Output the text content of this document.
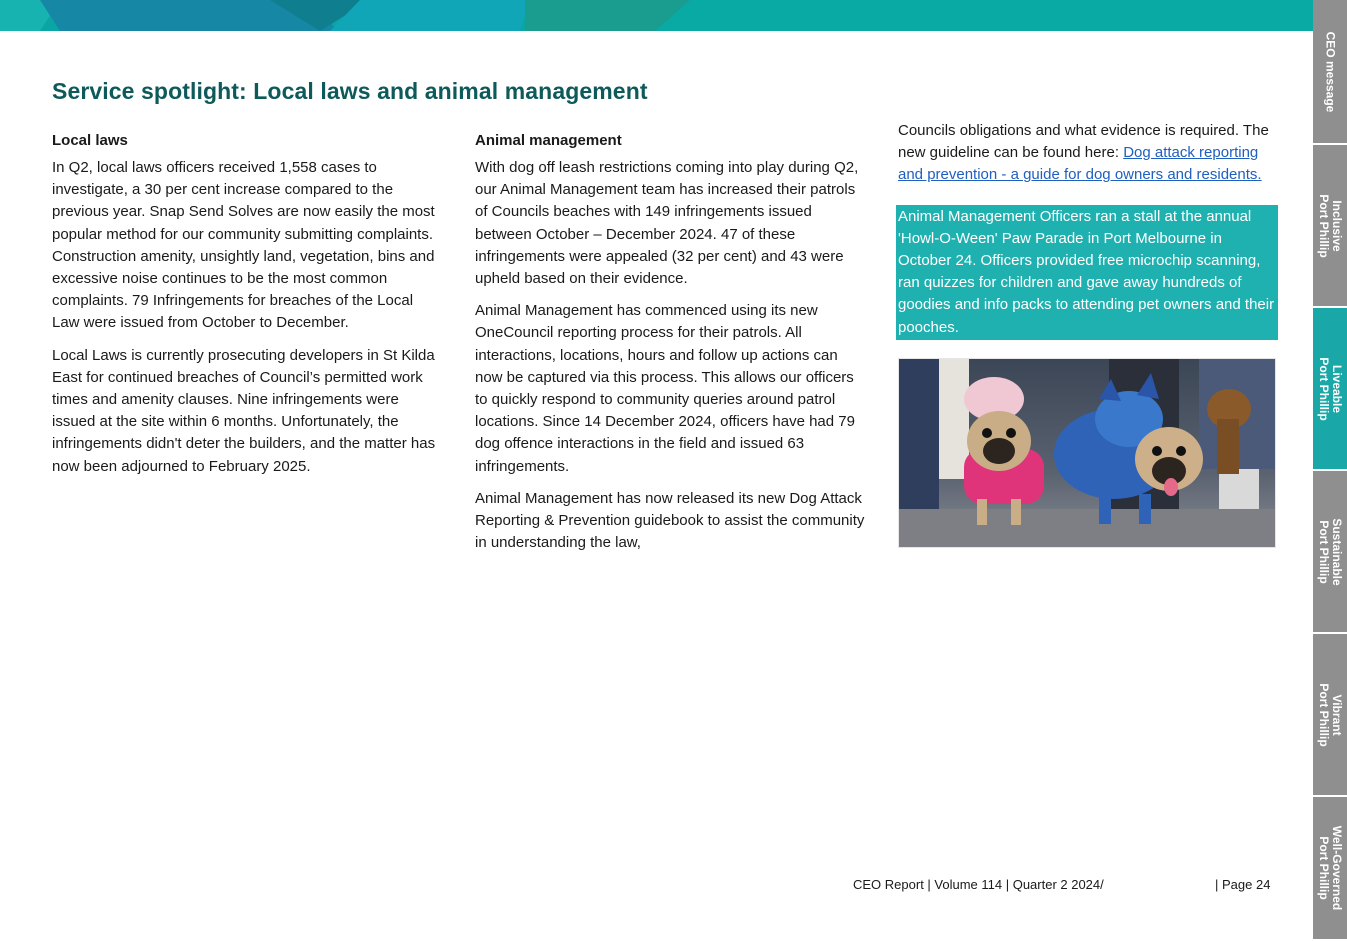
Service spotlight: Local laws and animal management
Local laws

In Q2, local laws officers received 1,558 cases to investigate, a 30 per cent increase compared to the previous year. Snap Send Solves are now easily the most popular method for our community submitting complaints. Construction amenity, unsightly land, vegetation, bins and excessive noise continues to be the most common complaints. 79 Infringements for breaches of the Local Law were issued from October to December.

Local Laws is currently prosecuting developers in St Kilda East for continued breaches of Council’s permitted work times and amenity clauses. Nine infringements were issued at the site within 6 months. Unfortunately, the infringements didn't deter the builders, and the matter has now been adjourned to February 2025.

Animal management

With dog off leash restrictions coming into play during Q2, our Animal Management team has increased their patrols of Councils beaches with 149 infringements issued between October – December 2024. 47 of these infringements were appealed (32 per cent) and 43 were upheld based on their evidence.

Animal Management has commenced using its new OneCouncil reporting process for their patrols. All interactions, locations, hours and follow up actions can now be captured via this process. This allows our officers to quickly respond to community queries around patrol locations. Since 14 December 2024, officers have had 79 dog offence interactions in the field and issued 63 infringements.

Animal Management has now released its new Dog Attack Reporting & Prevention guidebook to assist the community in understanding the law,

Councils obligations and what evidence is required. The new guideline can be found here: Dog attack reporting and prevention - a guide for dog owners and residents.

Animal Management Officers ran a stall at the annual 'Howl-O-Ween' Paw Parade in Port Melbourne in October 24. Officers provided free microchip scanning, ran quizzes for children and gave away hundreds of goodies and info packs to attending pet owners and their pooches.
CEO Report | Volume 114 | Quarter 2 2024/	| Page 24
CEO message
Inclusive
Port Phillip
Liveable
Port Phillip
Sustainable
Port Phillip
Vibrant
Port Phillip
Well-Governed
Port Phillip
